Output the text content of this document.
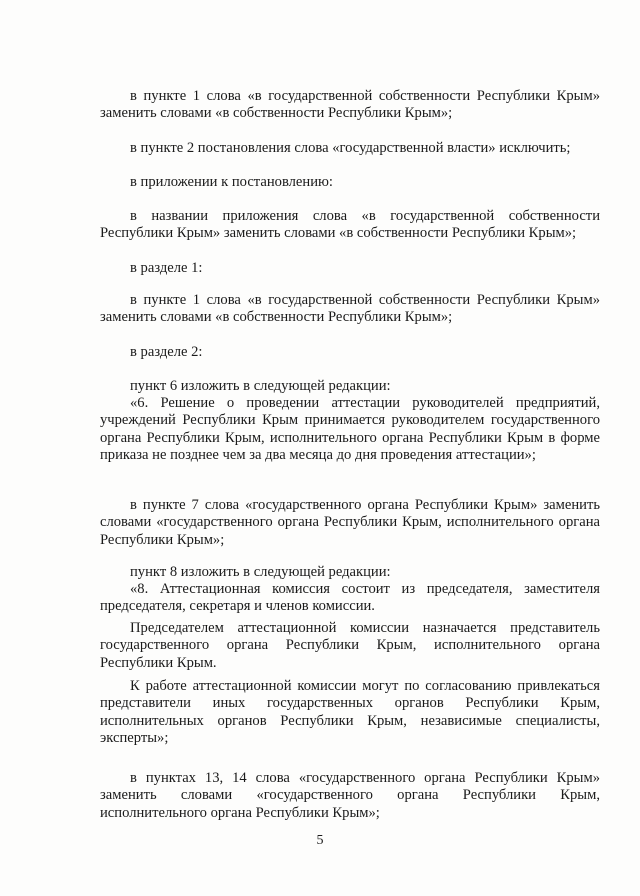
в пункте 1 слова «в государственной собственности Республики Крым» заменить словами «в собственности Республики Крым»;

в пункте 2 постановления слова «государственной власти» исключить;

в приложении к постановлению:

в названии приложения слова «в государственной собственности Республики Крым» заменить словами «в собственности Республики Крым»;

в разделе 1:

в пункте 1 слова «в государственной собственности Республики Крым» заменить словами «в собственности Республики Крым»;

в разделе 2:

пункт 6 изложить в следующей редакции:

«6. Решение о проведении аттестации руководителей предприятий, учреждений Республики Крым принимается руководителем государственного органа Республики Крым, исполнительного органа Республики Крым в форме приказа не позднее чем за два месяца до дня проведения аттестации»;

в пункте 7 слова «государственного органа Республики Крым» заменить словами «государственного органа Республики Крым, исполнительного органа Республики Крым»;

пункт 8 изложить в следующей редакции:

«8. Аттестационная комиссия состоит из председателя, заместителя председателя, секретаря и членов комиссии.

Председателем аттестационной комиссии назначается представитель государственного органа Республики Крым, исполнительного органа Республики Крым.

К работе аттестационной комиссии могут по согласованию привлекаться представители иных государственных органов Республики Крым, исполнительных органов Республики Крым, независимые специалисты, эксперты»;

в пунктах 13, 14 слова «государственного органа Республики Крым» заменить словами «государственного органа Республики Крым, исполнительного органа Республики Крым»;

5
